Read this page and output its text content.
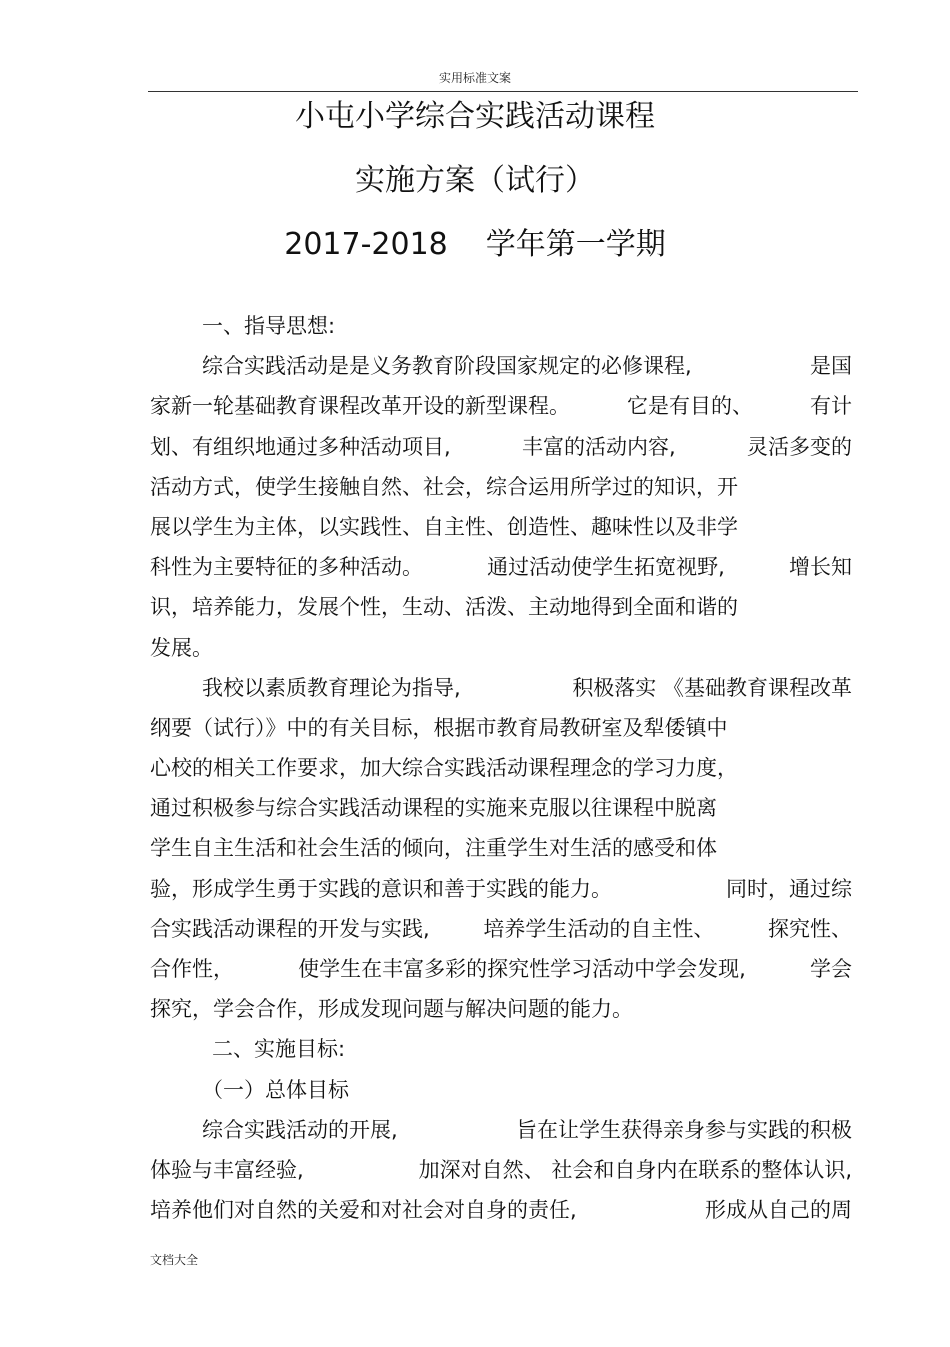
实用标准文案
小屯小学综合实践活动课程
实施方案（试行）
2017-2018 学年第一学期
一、指导思想:
综合实践活动是是义务教育阶段国家规定的必修课程,	是国
家新一轮基础教育课程改革开设的新型课程。	它是有目的、	有计
划、有组织地通过多种活动项目,	丰富的活动内容,	灵活多变的
活动方式，使学生接触自然、社会，综合运用所学过的知识，开
展以学生为主体，以实践性、自主性、创造性、趣味性以及非学
科性为主要特征的多种活动。	通过活动使学生拓宽视野,	增长知
识，培养能力，发展个性，生动、活泼、主动地得到全面和谐的
发展。
我校以素质教育理论为指导,	积极落实 《基础教育课程改革
纲要（试行）》中的有关目标，根据市教育局教研室及犁倭镇中
心校的相关工作要求，加大综合实践活动课程理念的学习力度，
通过积极参与综合实践活动课程的实施来克服以往课程中脱离
学生自主生活和社会生活的倾向，注重学生对生活的感受和体
验，形成学生勇于实践的意识和善于实践的能力。	同时，通过综
合实践活动课程的开发与实践,	培养学生活动的自主性、	探究性、
合作性，	使学生在丰富多彩的探究性学习活动中学会发现,	学会
探究，学会合作，形成发现问题与解决问题的能力。
二、实施目标:
（一）总体目标
综合实践活动的开展,	旨在让学生获得亲身参与实践的积极
体验与丰富经验,	加深对自然、 社会和自身内在联系的整体认识,
培养他们对自然的关爱和对社会对自身的责任,	形成从自己的周
文档大全
